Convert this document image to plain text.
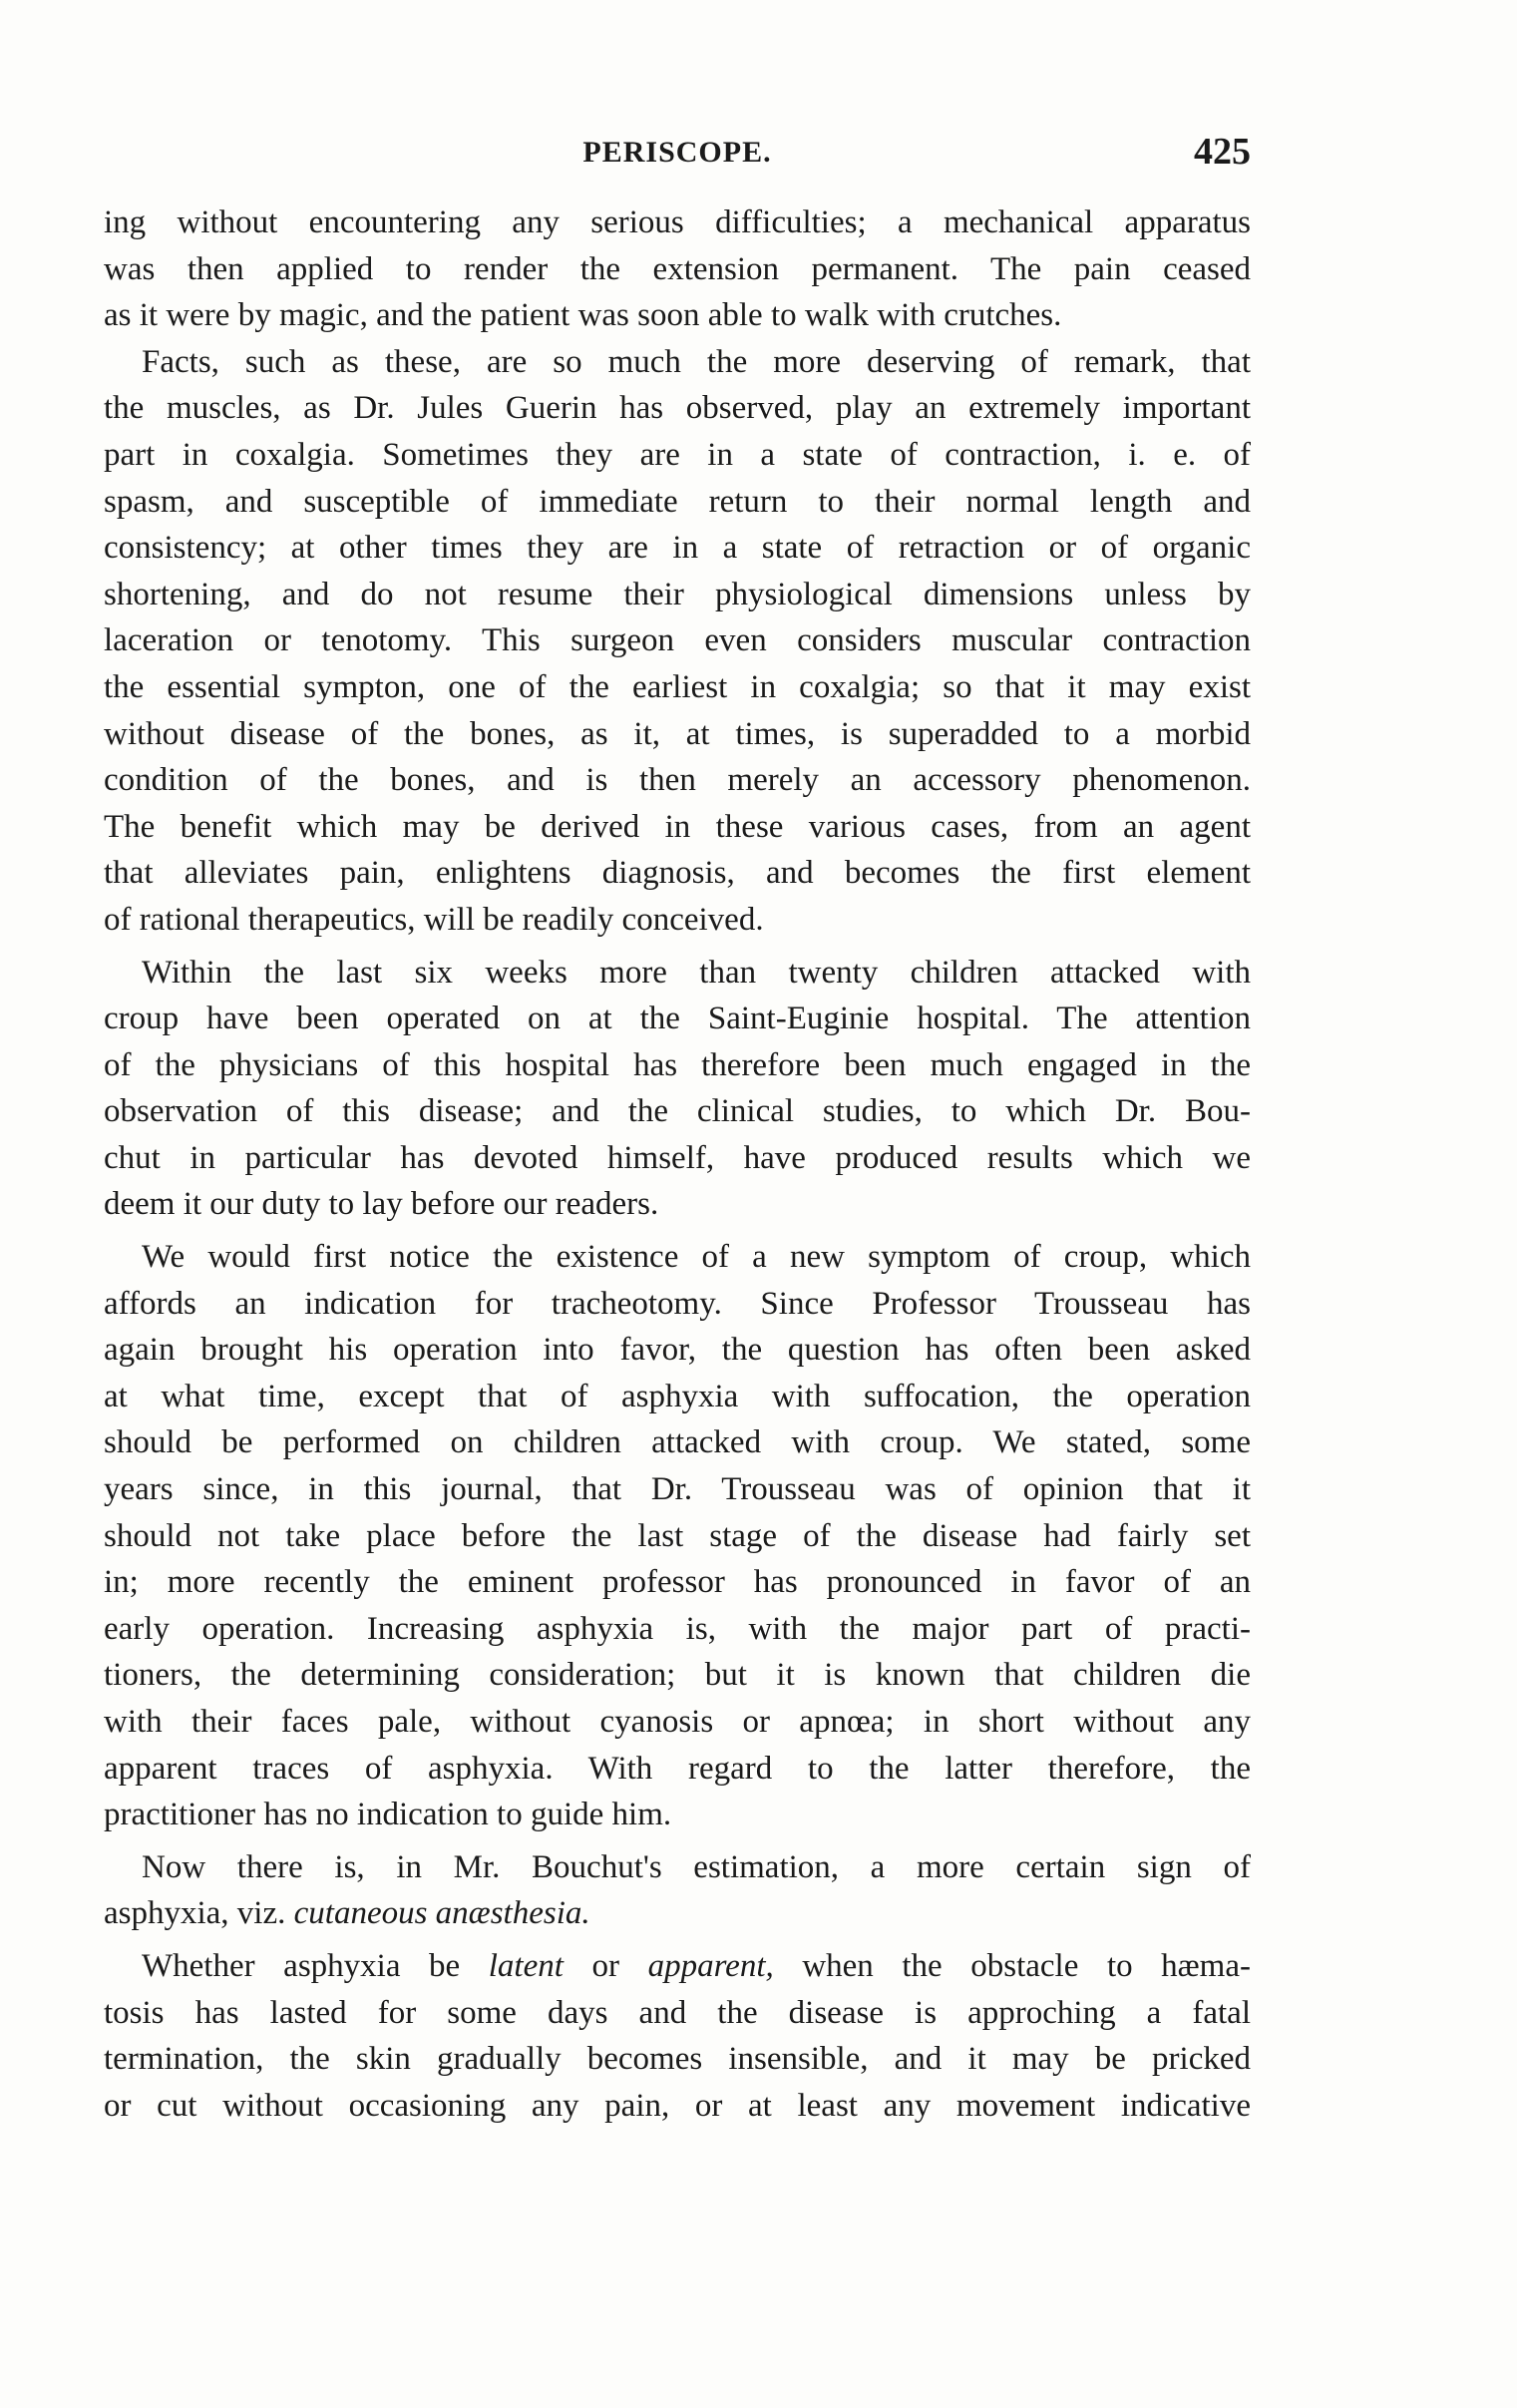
PERISCOPE.	425

ing without encountering any serious difficulties; a mechanical apparatus
was then applied to render the extension permanent. The pain ceased
as it were by magic, and the patient was soon able to walk with crutches.

Facts, such as these, are so much the more deserving of remark, that
the muscles, as Dr. Jules Guerin has observed, play an extremely important
part in coxalgia. Sometimes they are in a state of contraction, i. e. of
spasm, and susceptible of immediate return to their normal length and
consistency; at other times they are in a state of retraction or of organic
shortening, and do not resume their physiological dimensions unless by
laceration or tenotomy. This surgeon even considers muscular contraction
the essential sympton, one of the earliest in coxalgia; so that it may exist
without disease of the bones, as it, at times, is superadded to a morbid
condition of the bones, and is then merely an accessory phenomenon.
The benefit which may be derived in these various cases, from an agent
that alleviates pain, enlightens diagnosis, and becomes the first element
of rational therapeutics, will be readily conceived.

Within the last six weeks more than twenty children attacked with
croup have been operated on at the Saint-Euginie hospital. The attention
of the physicians of this hospital has therefore been much engaged in the
observation of this disease; and the clinical studies, to which Dr. Bou-
chut in particular has devoted himself, have produced results which we
deem it our duty to lay before our readers.

We would first notice the existence of a new symptom of croup, which
affords an indication for tracheotomy. Since Professor Trousseau has
again brought his operation into favor, the question has often been asked
at what time, except that of asphyxia with suffocation, the operation
should be performed on children attacked with croup. We stated, some
years since, in this journal, that Dr. Trousseau was of opinion that it
should not take place before the last stage of the disease had fairly set
in; more recently the eminent professor has pronounced in favor of an
early operation. Increasing asphyxia is, with the major part of practi-
tioners, the determining consideration; but it is known that children die
with their faces pale, without cyanosis or apnœa; in short without any
apparent traces of asphyxia. With regard to the latter therefore, the
practitioner has no indication to guide him.

Now there is, in Mr. Bouchut's estimation, a more certain sign of
asphyxia, viz. cutaneous anæsthesia.

Whether asphyxia be latent or apparent, when the obstacle to hæma-
tosis has lasted for some days and the disease is approching a fatal
termination, the skin gradually becomes insensible, and it may be pricked
or cut without occasioning any pain, or at least any movement indicative
